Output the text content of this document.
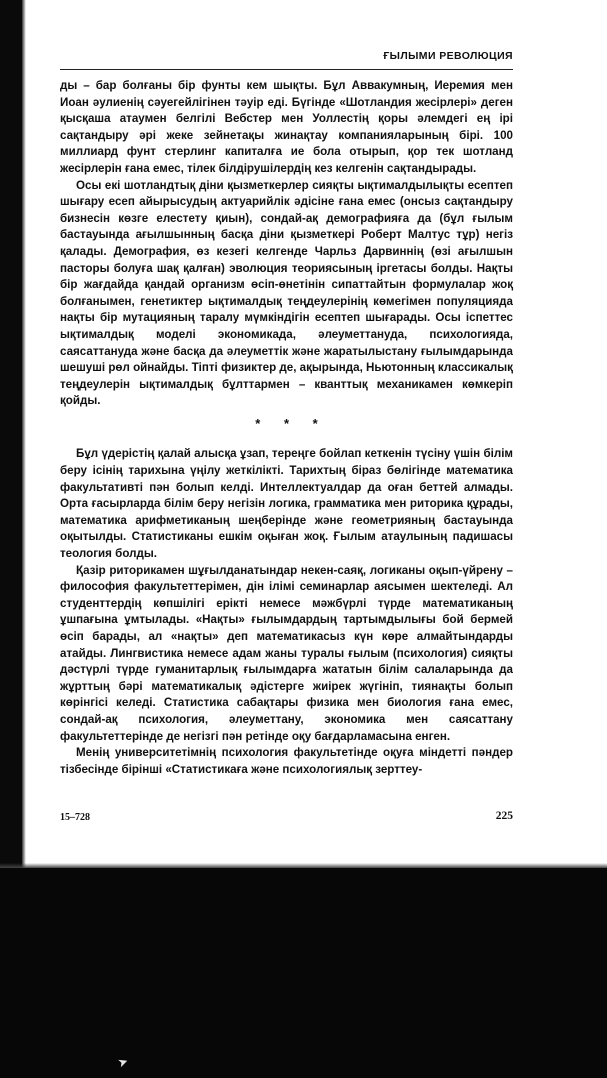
ҒЫЛЫМИ РЕВОЛЮЦИЯ

ды – бар болғаны бір фунты кем шықты. Бұл Аввакумның, Иеремия мен Иоан әулиенің сәуегейлігінен тәуір еді. Бүгінде «Шотландия жесірлері» деген қысқаша атаумен белгілі Вебстер мен Уоллестің қоры әлемдегі ең ірі сақтандыру әрі жеке зейнетақы жинақтау компанияларының бірі. 100 миллиард фунт стерлинг капиталға ие бола отырып, қор тек шотланд жесірлерін ғана емес, тілек білдірушілердің кез келгенін сақтандырады.

Осы екі шотландтық діни қызметкерлер сияқты ықтималдылықты есептеп шығару есеп айырысудың актуарийлік әдісіне ғана емес (онсыз сақтандыру бизнесін көзге елестету қиын), сондай-ақ демографияға да (бұл ғылым бастауында ағылшынның басқа діни қызметкері Роберт Малтус тұр) негіз қалады. Демография, өз кезегі келгенде Чарльз Дарвиннің (өзі ағылшын пасторы болуға шақ қалған) эволюция теориясының іргетасы болды. Нақты бір жағдайда қандай организм өсіп-өнетінін сипаттайтын формулалар жоқ болғанымен, генетиктер ықтималдық теңдеулерінің көмегімен популяцияда нақты бір мутацияның таралу мүмкіндігін есептеп шығарады. Осы іспеттес ықтималдық моделі экономикада, әлеуметтануда, психологияда, саясаттануда және басқа да әлеуметтік және жаратылыстану ғылымдарында шешуші рөл ойнайды. Тіпті физиктер де, ақырында, Ньютонның классикалық теңдеулерін ықтималдық бұлттармен – кванттық механикамен көмкеріп қойды.

* * *

Бұл үдерістің қалай алысқа ұзап, тереңге бойлап кеткенін түсіну үшін білім беру ісінің тарихына үңілу жеткілікті. Тарихтың біраз бөлігінде математика факультативті пән болып келді. Интеллектуалдар да оған беттей алмады. Орта ғасырларда білім беру негізін логика, грамматика мен риторика құрады, математика арифметиканың шеңберінде және геометрияның бастауында оқытылды. Статистиканы ешкім оқыған жоқ. Ғылым атаулының падишасы теология болды.

Қазір риторикамен шұғылданатындар некен-саяқ, логиканы оқып-үйрену – философия факультеттерімен, дін ілімі семинарлар аясымен шектеледі. Ал студенттердің көпшілігі ерікті немесе мәжбүрлі түрде математиканың ұшпағына ұмтылады. «Нақты» ғылымдардың тартымдылығы бой бермей өсіп барады, ал «нақты» деп математикасыз күн көре алмайтындарды атайды. Лингвистика немесе адам жаны туралы ғылым (психология) сияқты дәстүрлі түрде гуманитарлық ғылымдарға жататын білім салаларында да жұрттың бәрі математикалық әдістерге жиірек жүгініп, тиянақты болып көрінгісі келеді. Статистика сабақтары физика мен биология ғана емес, сондай-ақ психология, әлеуметтану, экономика мен саясаттану факультеттерінде де негізгі пән ретінде оқу бағдарламасына енген.

Менің университетімнің психология факультетінде оқуға міндетті пәндер тізбесінде бірінші «Статистикаға және психологиялық зерттеу-

15–728	225
➤
